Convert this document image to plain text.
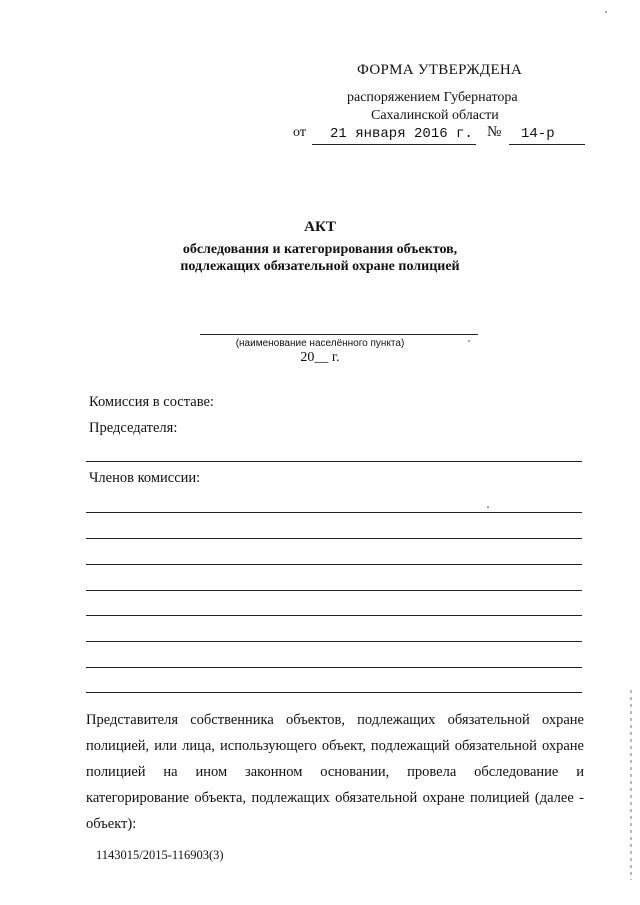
ФОРМА УТВЕРЖДЕНА
распоряжением Губернатора
Сахалинской области
от 21 января 2016 г. № 14-р
АКТ
обследования и категорирования объектов,
подлежащих обязательной охране полицией
(наименование населённого пункта)
20__ г.
Комиссия в составе:
Председателя:
Членов комиссии:
Представителя собственника объектов, подлежащих обязательной охране полицией, или лица, использующего объект, подлежащий обязательной охране полицией на ином законном основании, провела обследование и категорирование объекта, подлежащих обязательной охране полицией (далее - объект):
1143015/2015-116903(3)
